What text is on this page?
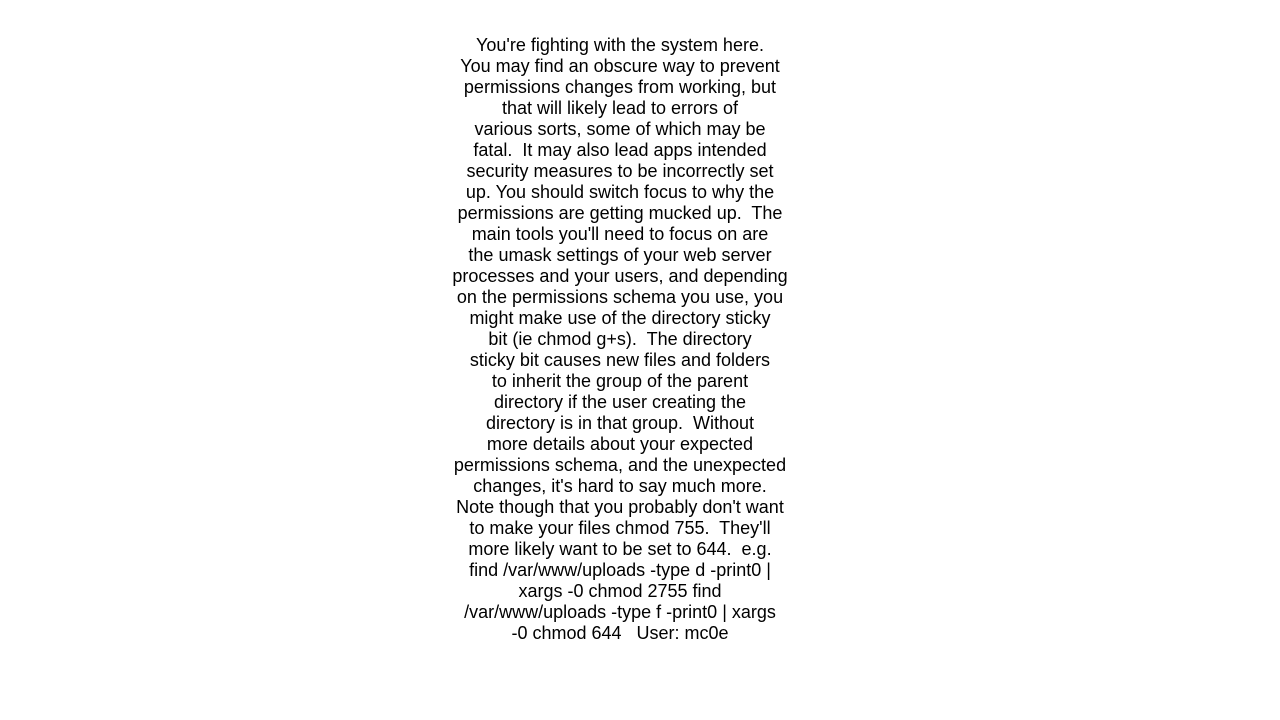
You're fighting with the system here.
You may find an obscure way to prevent
permissions changes from working, but
that will likely lead to errors of
various sorts, some of which may be
fatal.  It may also lead apps intended
security measures to be incorrectly set
up. You should switch focus to why the
permissions are getting mucked up.  The
main tools you'll need to focus on are
the umask settings of your web server
processes and your users, and depending
on the permissions schema you use, you
might make use of the directory sticky
bit (ie chmod g+s).  The directory
sticky bit causes new files and folders
to inherit the group of the parent
directory if the user creating the
directory is in that group.  Without
more details about your expected
permissions schema, and the unexpected
changes, it's hard to say much more.
Note though that you probably don't want
to make your files chmod 755.  They'll
more likely want to be set to 644.  e.g.
find /var/www/uploads -type d -print0 |
xargs -0 chmod 2755 find
/var/www/uploads -type f -print0 | xargs
-0 chmod 644   User: mc0e
